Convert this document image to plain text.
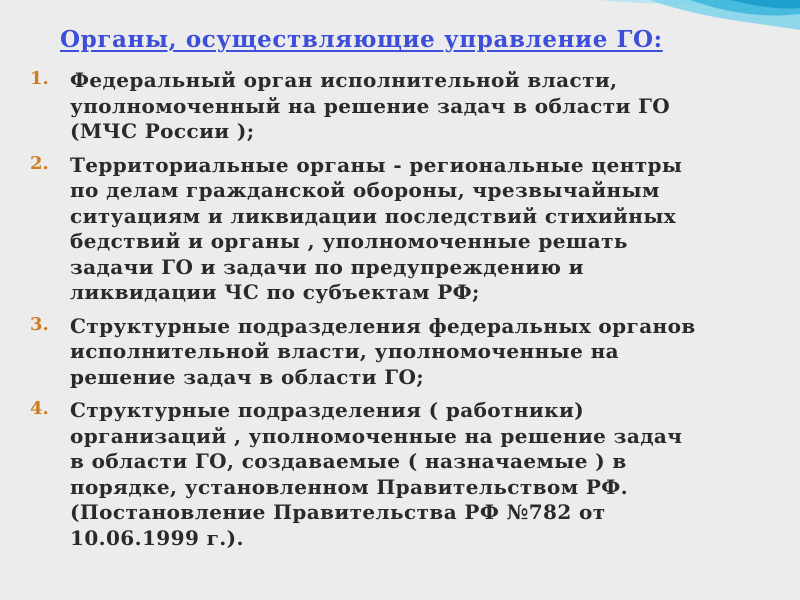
Органы, осуществляющие управление ГО:
1. Федеральный орган исполнительной власти,
уполномоченный на решение задач в области ГО
(МЧС России );
2. Территориальные органы - региональные центры
по делам гражданской обороны, чрезвычайным
ситуациям и ликвидации последствий стихийных
бедствий и органы , уполномоченные решать
задачи ГО и задачи по предупреждению и
ликвидации ЧС по субъектам РФ;
3. Структурные подразделения федеральных органов
исполнительной власти, уполномоченные на
решение задач в области ГО;
4. Структурные подразделения ( работники)
организаций , уполномоченные на решение задач
в области ГО, создаваемые ( назначаемые ) в
порядке, установленном Правительством РФ.
(Постановление Правительства РФ №782 от
10.06.1999 г.).
